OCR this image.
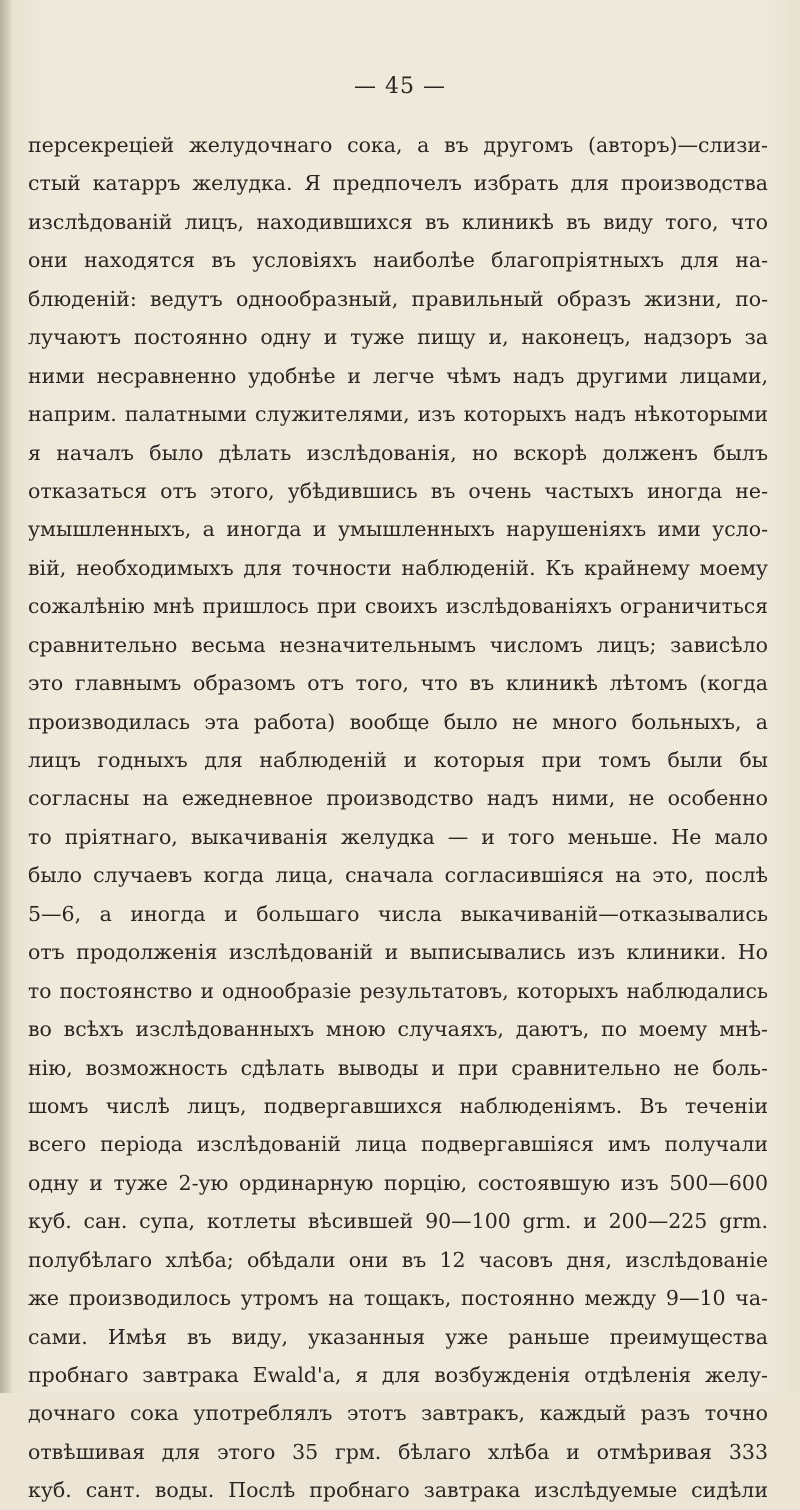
— 45 —
персекреціей желудочнаго сока, а въ другомъ (авторъ)—слизи-
стый катарръ желудка. Я предпочелъ избрать для производства
изслѣдованій лицъ, находившихся въ клиникѣ въ виду того, что
они находятся въ условіяхъ наиболѣе благопріятныхъ для на-
блюденій: ведутъ однообразный, правильный образъ жизни, по-
лучаютъ постоянно одну и туже пищу и, наконецъ, надзоръ за
ними несравненно удобнѣе и легче чѣмъ надъ другими лицами,
наприм. палатными служителями, изъ которыхъ надъ нѣкоторыми
я началъ было дѣлать изслѣдованія, но вскорѣ долженъ былъ
отказаться отъ этого, убѣдившись въ очень частыхъ иногда не-
умышленныхъ, а иногда и умышленныхъ нарушеніяхъ ими усло-
вій, необходимыхъ для точности наблюденій. Къ крайнему моему
сожалѣнію мнѣ пришлось при своихъ изслѣдованіяхъ ограничиться
сравнительно весьма незначительнымъ числомъ лицъ; зависѣло
это главнымъ образомъ отъ того, что въ клиникѣ лѣтомъ (когда
производилась эта работа) вообще было не много больныхъ, а
лицъ годныхъ для наблюденій и которыя при томъ были бы
согласны на ежедневное производство надъ ними, не особенно
то пріятнаго, выкачиванія желудка — и того меньше. Не мало
было случаевъ когда лица, сначала согласившіяся на это, послѣ
5—6, а иногда и большаго числа выкачиваній—отказывались
отъ продолженія изслѣдованій и выписывались изъ клиники. Но
то постоянство и однообразіе результатовъ, которыхъ наблюдались
во всѣхъ изслѣдованныхъ мною случаяхъ, даютъ, по моему мнѣ-
нію, возможность сдѣлать выводы и при сравнительно не боль-
шомъ числѣ лицъ, подвергавшихся наблюденіямъ. Въ теченіи
всего періода изслѣдованій лица подвергавшіяся имъ получали
одну и туже 2-ую ординарную порцію, состоявшую изъ 500—600
куб. сан. супа, котлеты вѣсившей 90—100 grm. и 200—225 grm.
полубѣлаго хлѣба; обѣдали они въ 12 часовъ дня, изслѣдованіе
же производилось утромъ на тощакъ, постоянно между 9—10 ча-
сами. Имѣя въ виду, указанныя уже раньше преимущества
пробнаго завтрака Ewald'a, я для возбужденія отдѣленія желу-
дочнаго сока употреблялъ этотъ завтракъ, каждый разъ точно
отвѣшивая для этого 35 грм. бѣлаго хлѣба и отмѣривая 333
куб. сант. воды. Послѣ пробнаго завтрака изслѣдуемые сидѣли
